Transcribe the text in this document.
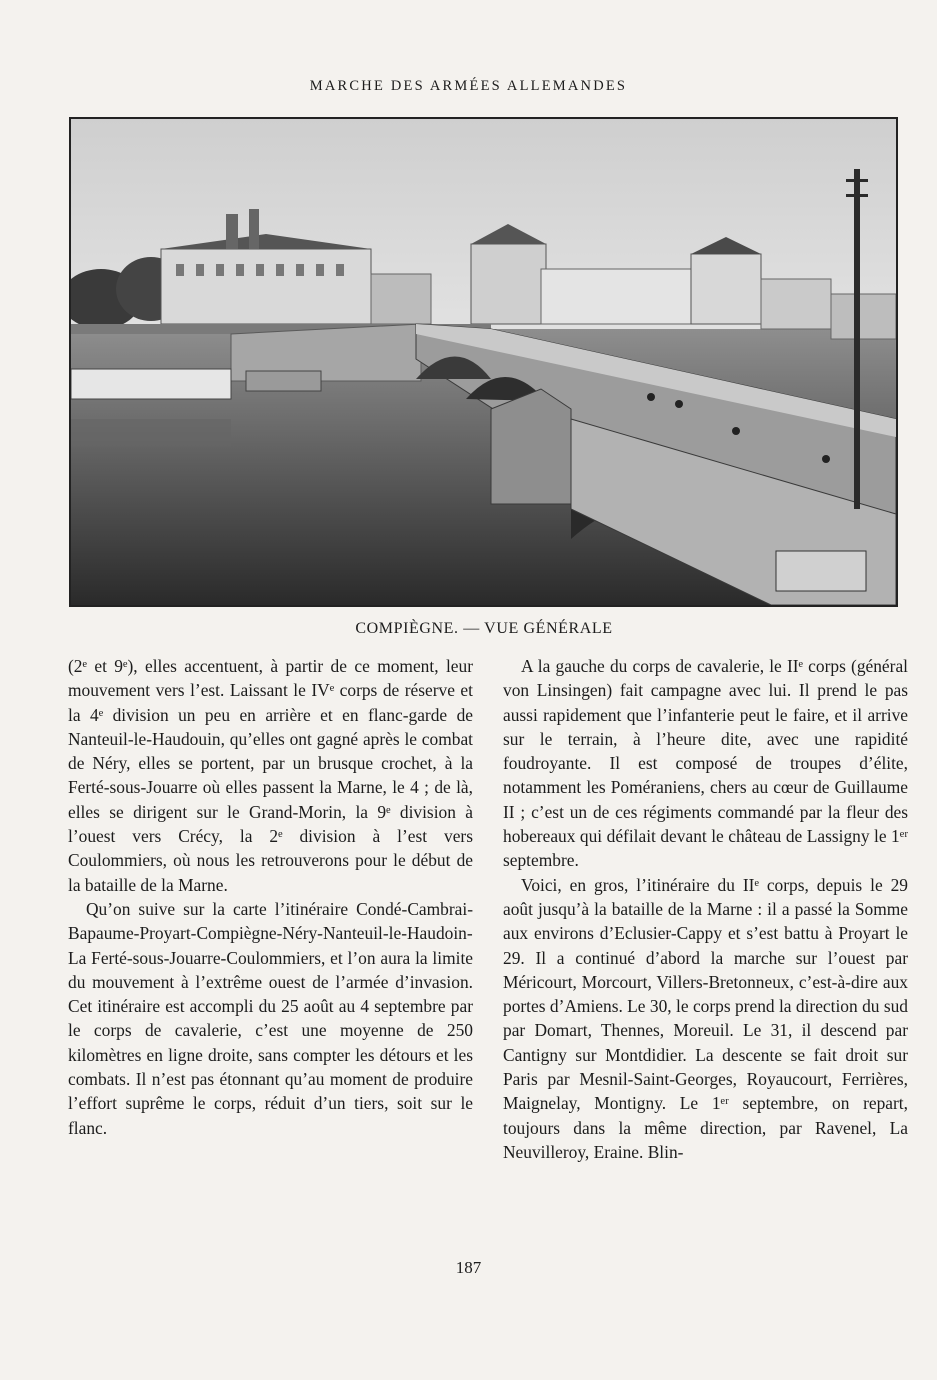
MARCHE DES ARMÉES ALLEMANDES
COMPIÈGNE. — VUE GÉNÉRALE

(2ᵉ et 9ᵉ), elles accentuent, à partir de ce moment, leur mouvement vers l’est. Laissant le IVᵉ corps de réserve et la 4ᵉ division un peu en arrière et en flanc-garde de Nanteuil-le-Haudouin, qu’elles ont gagné après le combat de Néry, elles se portent, par un brusque crochet, à la Ferté-sous-Jouarre où elles passent la Marne, le 4 ; de là, elles se dirigent sur le Grand-Morin, la 9ᵉ division à l’ouest vers Crécy, la 2ᵉ division à l’est vers Coulommiers, où nous les retrouverons pour le début de la bataille de la Marne.

Qu’on suive sur la carte l’itinéraire Condé-Cambrai-Bapaume-Proyart-Compiègne-Néry-Nanteuil-le-Haudoin-La Ferté-sous-Jouarre-Coulommiers, et l’on aura la limite du mouvement à l’extrême ouest de l’armée d’invasion. Cet itinéraire est accompli du 25 août au 4 septembre par le corps de cavalerie, c’est une moyenne de 250 kilomètres en ligne droite, sans compter les détours et les combats. Il n’est pas étonnant qu’au moment de produire l’effort suprême le corps, réduit d’un tiers, soit sur le flanc.

A la gauche du corps de cavalerie, le IIᵉ corps (général von Linsingen) fait campagne avec lui. Il prend le pas aussi rapidement que l’infanterie peut le faire, et il arrive sur le terrain, à l’heure dite, avec une rapidité foudroyante. Il est composé de troupes d’élite, notamment les Poméraniens, chers au cœur de Guillaume II ; c’est un de ces régiments commandé par la fleur des hobereaux qui défilait devant le château de Lassigny le 1ᵉʳ septembre.

Voici, en gros, l’itinéraire du IIᵉ corps, depuis le 29 août jusqu’à la bataille de la Marne : il a passé la Somme aux environs d’Eclusier-Cappy et s’est battu à Proyart le 29. Il a continué d’abord la marche sur l’ouest par Méricourt, Morcourt, Villers-Bretonneux, c’est-à-dire aux portes d’Amiens. Le 30, le corps prend la direction du sud par Domart, Thennes, Moreuil. Le 31, il descend par Cantigny sur Montdidier. La descente se fait droit sur Paris par Mesnil-Saint-Georges, Royaucourt, Ferrières, Maignelay, Montigny. Le 1ᵉʳ septembre, on repart, toujours dans la même direction, par Ravenel, La Neuvilleroy, Eraine. Blin-

187
